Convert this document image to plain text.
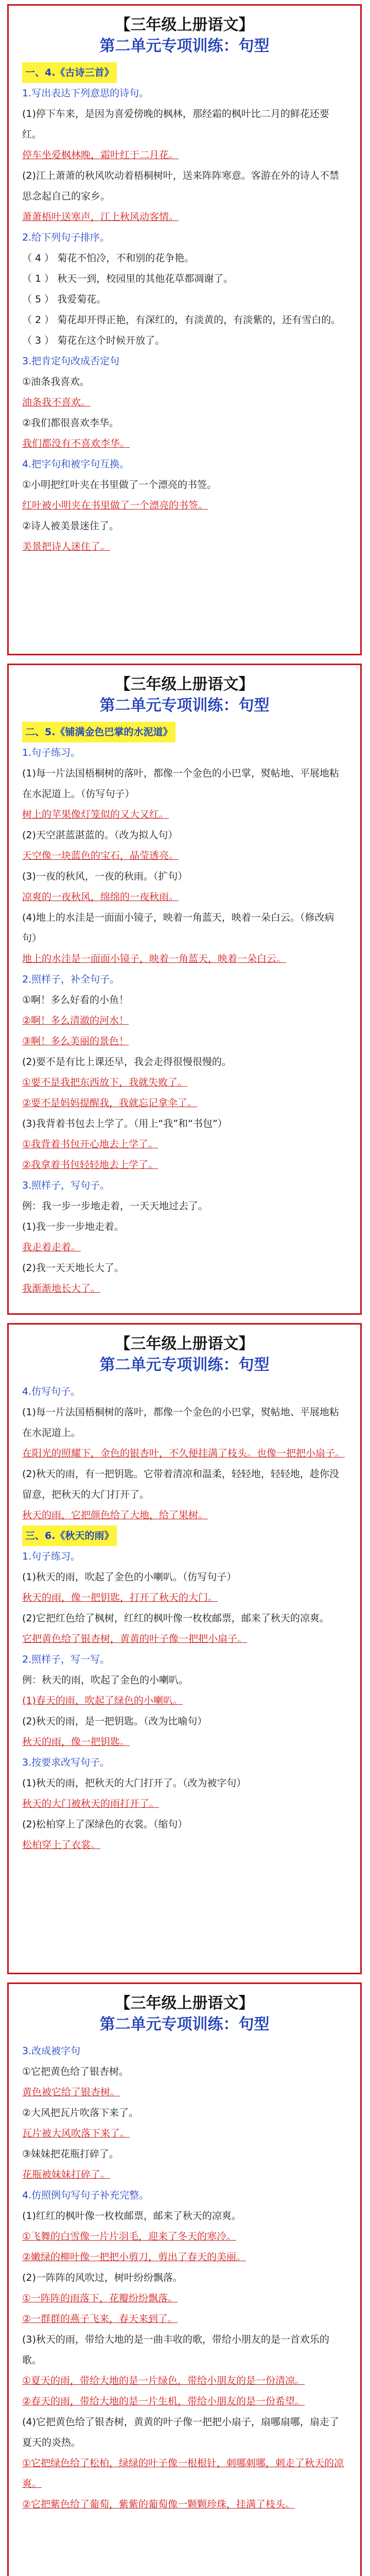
【三年级上册语文】
第二单元专项训练：句型

一、4.《古诗三首》

1.写出表达下列意思的诗句。

(1)停下车来，是因为喜爱傍晚的枫林，那经霜的枫叶比二月的鲜花还要红。

停车坐爱枫林晚，霜叶红于二月花。

(2)江上萧萧的秋风吹动着梧桐树叶，送来阵阵寒意。客游在外的诗人不禁思念起自己的家乡。

萧萧梧叶送寒声，江上秋风动客情。

2.给下列句子排序。

（ 4 ） 菊花不怕冷，不和别的花争艳。

（ 1 ） 秋天一到，校园里的其他花草都凋谢了。

（ 5 ） 我爱菊花。

（ 2 ） 菊花却开得正艳，有深红的，有淡黄的，有淡紫的，还有雪白的。

（ 3 ） 菊花在这个时候开放了。

3.把肯定句改成否定句

①油条我喜欢。

油条我不喜欢。

②我们都很喜欢李华。

我们都没有不喜欢李华。

4.把字句和被字句互换。

①小明把红叶夹在书里做了一个漂亮的书签。

红叶被小明夹在书里做了一个漂亮的书签。

②诗人被美景迷住了。

美景把诗人迷住了。

【三年级上册语文】
第二单元专项训练：句型

二、5.《铺满金色巴掌的水泥道》

1.句子练习。

(1)每一片法国梧桐树的落叶，都像一个金色的小巴掌，熨帖地、平展地粘在水泥道上。（仿写句子）

树上的苹果像灯笼似的又大又红。

(2)天空湛蓝湛蓝的。（改为拟人句）

天空像一块蓝色的宝石，晶莹透亮。

(3)一夜的秋风，一夜的秋雨。（扩句）

凉爽的一夜秋风，绵绵的一夜秋雨。

(4)地上的水洼是一面面小镜子，映着一角蓝天，映着一朵白云。（修改病句）

地上的水洼是一面面小镜子，映着一角蓝天，映着一朵白云。

2.照样子，补全句子。

①啊！多么好看的小鱼！

②啊！多么清澈的河水！

③啊！多么美丽的景色！

(2)要不是有比上课还早，我会走得很慢很慢的。

①要不是我把东西放下，我就失败了。

②要不是妈妈提醒我，我就忘记拿伞了。

(3)我背着书包去上学了。（用上“我”和“书包”）

①我背着书包开心地去上学了。

②我拿着书包轻轻地去上学了。

3.照样子，写句子。

例：我一步一步地走着，一天天地过去了。

(1)我一步一步地走着。

我走着走着。

(2)我一天天地长大了。

我渐渐地长大了。

【三年级上册语文】
第二单元专项训练：句型

4.仿写句子。

(1)每一片法国梧桐树的落叶，都像一个金色的小巴掌，熨帖地、平展地粘在水泥道上。

在阳光的照耀下，金色的银杏叶，不久便挂满了枝头。也像一把把小扇子。

(2)秋天的雨，有一把钥匙。它带着清凉和温柔，轻轻地，轻轻地，趁你没留意，把秋天的大门打开了。

秋天的雨，它把颜色给了大地，给了果树。

三、6.《秋天的雨》

1.句子练习。

(1)秋天的雨，吹起了金色的小喇叭。（仿写句子）

秋天的雨，像一把钥匙，打开了秋天的大门。

(2)它把红色给了枫树，红红的枫叶像一枚枚邮票，邮来了秋天的凉爽。

它把黄色给了银杏树，黄黄的叶子像一把把小扇子。

2.照样子，写一写。

例：秋天的雨，吹起了金色的小喇叭。

(1)春天的雨，吹起了绿色的小喇叭。

(2)秋天的雨，是一把钥匙。（改为比喻句）

秋天的雨，像一把钥匙。

3.按要求改写句子。

(1)秋天的雨，把秋天的大门打开了。（改为被字句）

秋天的大门被秋天的雨打开了。

(2)松柏穿上了深绿色的衣裳。（缩句）

松柏穿上了衣裳。

【三年级上册语文】
第二单元专项训练：句型

3.改成被字句

①它把黄色给了银杏树。

黄色被它给了银杏树。

②大风把瓦片吹落下来了。

瓦片被大风吹落下来了。

③妹妹把花瓶打碎了。

花瓶被妹妹打碎了。

4.仿照例句写句子补充完整。

(1)红红的枫叶像一枚枚邮票，邮来了秋天的凉爽。

①飞舞的白雪像一片片羽毛，迎来了冬天的寒冷。

②嫩绿的柳叶像一把把小剪刀，剪出了春天的美丽。

(2)一阵阵的风吹过，树叶纷纷飘落。

①一阵阵的雨落下，花瓣纷纷飘落。

②一群群的燕子飞来，春天来到了。

(3)秋天的雨，带给大地的是一曲丰收的歌，带给小朋友的是一首欢乐的歌。

①夏天的雨，带给大地的是一片绿色，带给小朋友的是一份清凉。

②春天的雨，带给大地的是一片生机，带给小朋友的是一份希望。

(4)它把黄色给了银杏树，黄黄的叶子像一把把小扇子，扇哪扇哪，扇走了夏天的炎热。

①它把绿色给了松柏，绿绿的叶子像一根根针，刺哪刺哪，刺走了秋天的凉爽。

②它把紫色给了葡萄，紫紫的葡萄像一颗颗珍珠，挂满了枝头。
